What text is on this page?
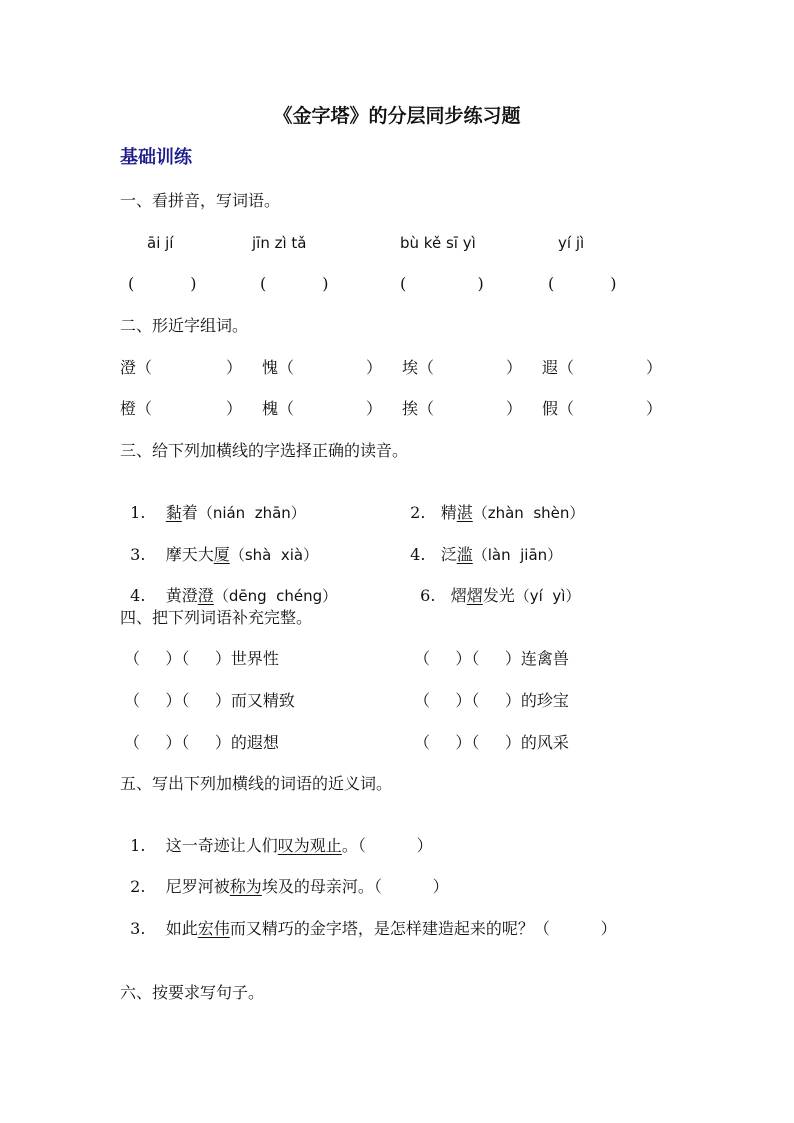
《金字塔》的分层同步练习题
基础训练
一、看拼音，写词语。
āi jí	jīn zì tǎ	bù kě sī yì	yí jì
(           )	(           )	(              )	(           )
二、形近字组词。
澄（	） 愧（	） 埃（	） 遐（	）
橙（	） 槐（	） 挨（	） 假（	）
三、给下列加横线的字选择正确的读音。

1. 黏着（nián  zhān）	2. 精湛（zhàn  shèn）

3. 摩天大厦（shà  xià）	4. 泛滥（làn  jiān）

4. 黄澄澄（dēng  chéng）	6. 熠熠发光（yí  yì）

四、把下列词语补充完整。
（     ）（     ）世界性	（     ）（     ）连禽兽
（     ）（     ）而又精致	（     ）（     ）的珍宝
（     ）（     ）的遐想	（     ）（     ）的风采
五、写出下列加横线的词语的近义词。

1. 这一奇迹让人们叹为观止。（          ）

2. 尼罗河被称为埃及的母亲河。（          ）

3. 如此宏伟而又精巧的金字塔，是怎样建造起来的呢？（          ）

六、按要求写句子。
